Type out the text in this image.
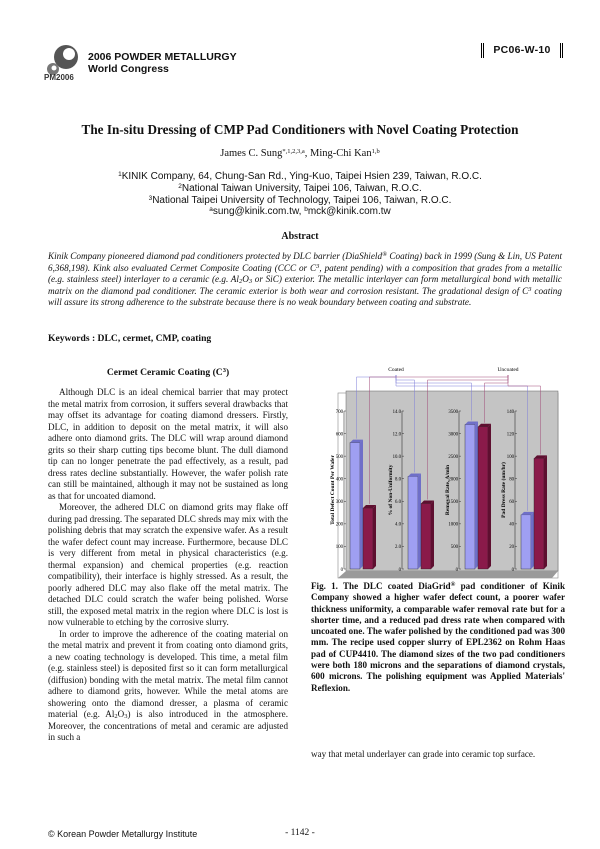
2006 POWDER METALLURGY
World Congress
PM2006
PC06-W-10
The In-situ Dressing of CMP Pad Conditioners with Novel Coating Protection
James C. Sung$^{*,1,2,3,a}$, Ming-Chi Kan$^{1,b}$
$^1$KINIK Company, 64, Chung-San Rd., Ying-Kuo, Taipei Hsien 239, Taiwan, R.O.C.
$^2$National Taiwan University, Taipei 106, Taiwan, R.O.C.
$^3$National Taipei University of Technology, Taipei 106, Taiwan, R.O.C.
$^a$sung@kinik.com.tw, $^b$mck@kinik.com.tw
Abstract
Kinik Company pioneered diamond pad conditioners protected by DLC barrier (DiaShield® Coating) back in 1999 (Sung & Lin, US Patent 6,368,198). Kink also evaluated Cermet Composite Coating (CCC or $C^3$, patent pending) with a composition that grades from a metallic (e.g. stainless steel) interlayer to a ceramic (e.g. $Al_2O_3$ or SiC) exterior. The metallic interlayer can form metallurgical bond with metallic matrix on the diamond pad conditioner. The ceramic exterior is both wear and corrosion resistant. The gradational design of $C^3$ coating will assure its strong adherence to the substrate because there is no weak boundary between coating and substrate.
Keywords : DLC, cermet, CMP, coating
Cermet Ceramic Coating $(C^3)$

Although DLC is an ideal chemical barrier that may protect the metal matrix from corrosion, it suffers several drawbacks that may offset its advantage for coating diamond dressers. Firstly, DLC, in addition to deposit on the metal matrix, it will also adhere onto diamond grits. The DLC will wrap around diamond grits so their sharp cutting tips become blunt. The dull diamond tip can no longer penetrate the pad effectively, as a result, pad dress rates decline substantially. However, the wafer polish rate can still be maintained, although it may not be sustained as long as that for uncoated diamond.

Moreover, the adhered DLC on diamond grits may flake off during pad dressing. The separated DLC shreds may mix with the polishing debris that may scratch the expensive wafer. As a result the wafer defect count may increase. Furthermore, because DLC is very different from metal in physical characteristics (e.g. thermal expansion) and chemical properties (e.g. reaction compatibility), their interface is highly stressed. As a result, the poorly adhered DLC may also flake off the metal matrix. The detached DLC could scratch the wafer being polished. Worse still, the exposed metal matrix in the region where DLC is lost is now vulnerable to etching by the corrosive slurry.

In order to improve the adherence of the coating material on the metal matrix and prevent it from coating onto diamond grits, a new coating technology is developed. This time, a metal film (e.g. stainless steel) is deposited first so it can form metallurgical (diffusion) bonding with the metal matrix. The metal film cannot adhere to diamond grits, however. While the metal atoms are showering onto the diamond dresser, a plasma of ceramic material (e.g. $Al_2O_3$) is also introduced in the atmosphere. Moreover, the concentrations of metal and ceramic are adjusted in such a

Total Defect Count Per Wafer
0
100
200
300
400
500
600
700
% of Non-Uniformity
0
2.0
4.0
6.0
8.0
10.0
12.0
14.0
Removal Rate, A/min
0
500
1000
1500
2000
2500
3000
3500
Pad Dress Rate (um/hr)
0
20
40
60
80
100
120
140
Coated	Uncoated
Fig. 1. The DLC coated DiaGrid® pad conditioner of Kinik Company showed a higher wafer defect count, a poorer wafer thickness uniformity, a comparable wafer removal rate but for a shorter time, and a reduced pad dress rate when compared with uncoated one. The wafer polished by the conditioned pad was 300 mm. The recipe used copper slurry of EPL2362 on Rohm Haas pad of CUP4410. The diamond sizes of the two pad conditioners were both 180 microns and the separations of diamond crystals, 600 microns. The polishing equipment was Applied Materials' Reflexion.
way that metal underlayer can grade into ceramic top surface.
© Korean Powder Metallurgy Institute	- 1142 -
